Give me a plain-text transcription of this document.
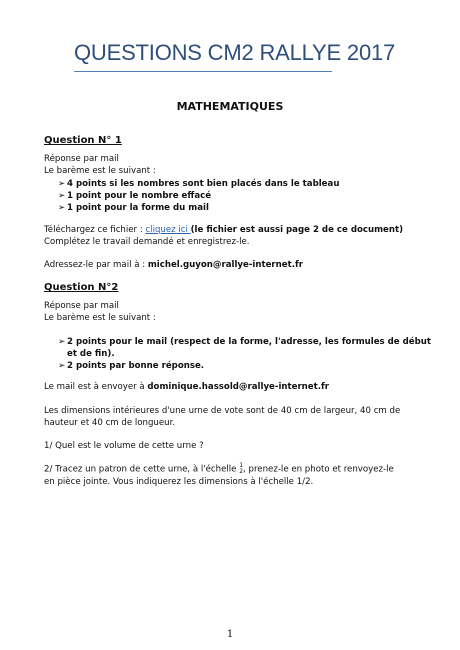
QUESTIONS CM2 RALLYE 2017
MATHEMATIQUES
Question N° 1
Réponse par mail
Le barème est le suivant :
➢ 4 points si les nombres sont bien placés dans le tableau
➢ 1 point pour le nombre effacé
➢ 1 point pour la forme du mail
Téléchargez ce fichier : cliquez ici (le fichier est aussi page 2 de ce document)
Complétez le travail demandé et enregistrez-le.
Adressez-le par mail à : michel.guyon@rallye-internet.fr
Question N°2
Réponse par mail
Le barème est le suivant :
➢ 2 points pour le mail (respect de la forme, l'adresse, les formules de début
et de fin).
➢ 2 points par bonne réponse.
Le mail est à envoyer à dominique.hassold@rallye-internet.fr
Les dimensions intérieures d'une urne de vote sont de 40 cm de largeur, 40 cm de
hauteur et 40 cm de longueur.
1/ Quel est le volume de cette urne ?
2/ Tracez un patron de cette urne, à l'échelle 1
2, prenez-le en photo et renvoyez-le
en pièce jointe. Vous indiquerez les dimensions à l'échelle 1/2.
1
